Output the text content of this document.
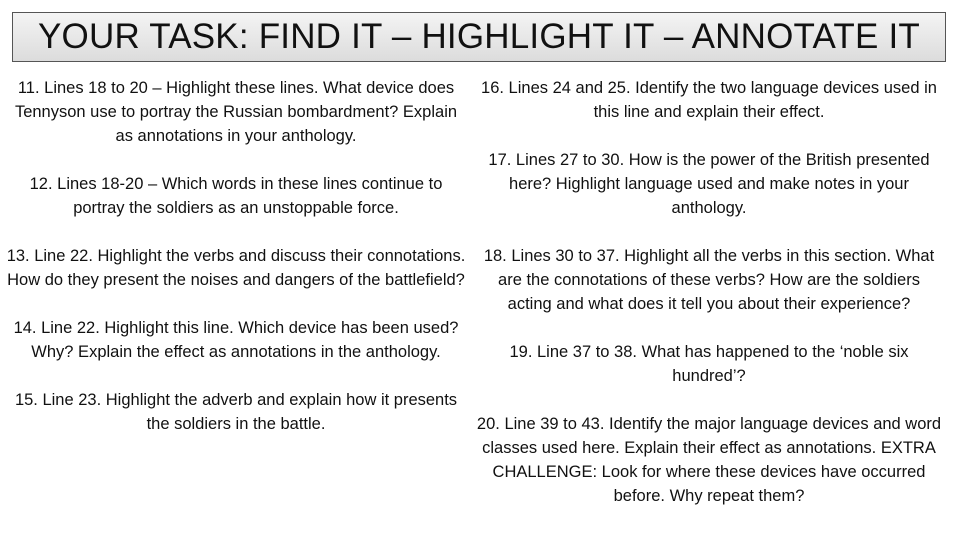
YOUR TASK: FIND IT – HIGHLIGHT IT – ANNOTATE IT

11. Lines 18 to 20 – Highlight these lines. What device does Tennyson use to portray the Russian bombardment? Explain as annotations in your anthology.

12. Lines 18-20 – Which words in these lines continue to portray the soldiers as an unstoppable force.

13. Line 22. Highlight the verbs and discuss their connotations. How do they present the noises and dangers of the battlefield?

14. Line 22. Highlight this line. Which device has been used? Why? Explain the effect as annotations in the anthology.

15. Line 23. Highlight the adverb and explain how it presents the soldiers in the battle.

16. Lines 24 and 25. Identify the two language devices used in this line and explain their effect.

17. Lines 27 to 30. How is the power of the British presented here? Highlight language used and make notes in your anthology.

18. Lines 30 to 37. Highlight all the verbs in this section. What are the connotations of these verbs? How are the soldiers acting and what does it tell you about their experience?

19. Line 37 to 38. What has happened to the ‘noble six hundred’?

20. Line 39 to 43. Identify the major language devices and word classes used here. Explain their effect as annotations. EXTRA CHALLENGE: Look for where these devices have occurred before. Why repeat them?
